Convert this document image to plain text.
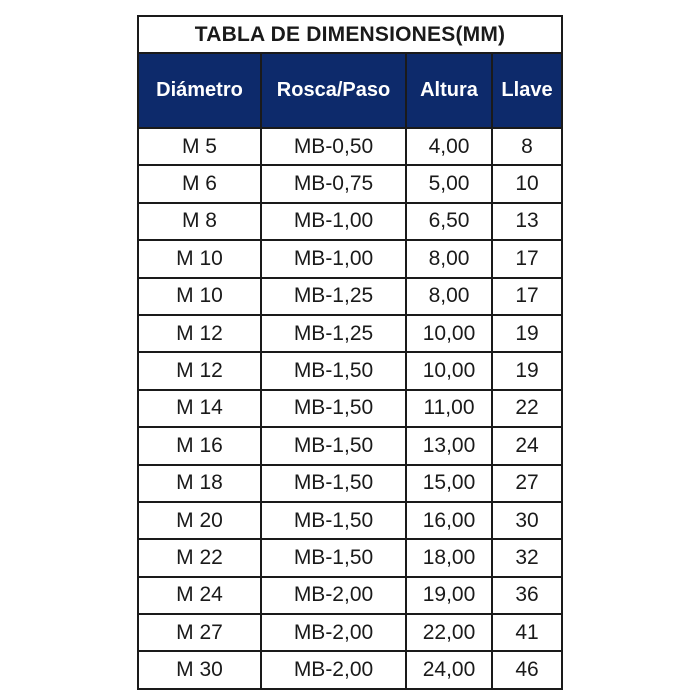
TABLA DE DIMENSIONES(MM)			
Diámetro	Rosca/Paso	Altura	Llave
M 5	MB-0,50	4,00	8
M 6	MB-0,75	5,00	10
M 8	MB-1,00	6,50	13
M 10	MB-1,00	8,00	17
M 10	MB-1,25	8,00	17
M 12	MB-1,25	10,00	19
M 12	MB-1,50	10,00	19
M 14	MB-1,50	11,00	22
M 16	MB-1,50	13,00	24
M 18	MB-1,50	15,00	27
M 20	MB-1,50	16,00	30
M 22	MB-1,50	18,00	32
M 24	MB-2,00	19,00	36
M 27	MB-2,00	22,00	41
M 30	MB-2,00	24,00	46
